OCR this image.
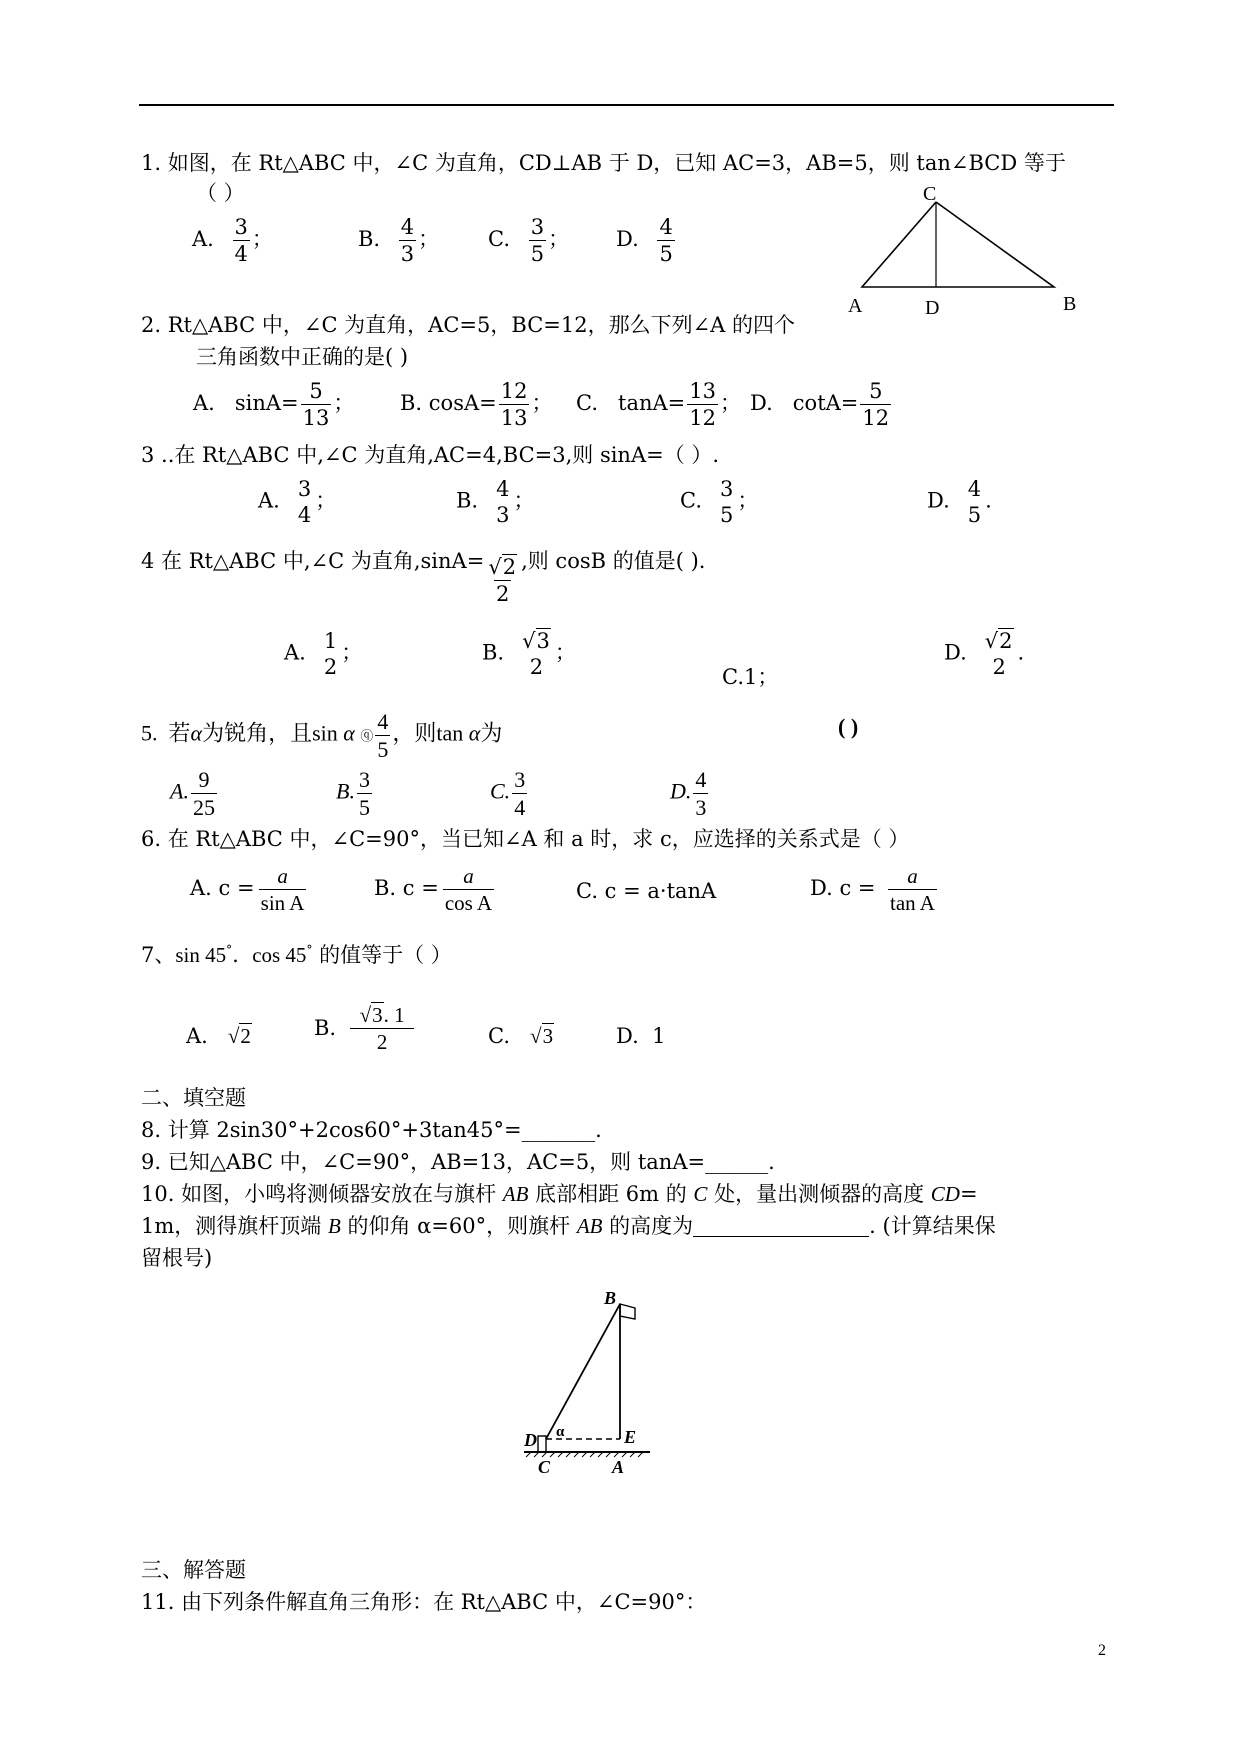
1. 如图，在 Rt△ABC 中，∠C 为直角，CD⊥AB 于 D，已知 AC=3，AB=5，则 tan∠BCD 等于
（ ）
A. $\frac{3}{4}$ ；	B. $\frac{4}{3}$ ； C. $\frac{3}{5}$ ； D. $\frac{4}{5}$
C
A	D	B
2. Rt△ABC 中，∠C 为直角，AC=5，BC=12，那么下列∠A 的四个
三角函数中正确的是( )
A. $\sin A= \frac{5}{13}$ ； B. $\cos A= \frac{12}{13}$ ； C. $\tan A= \frac{13}{12}$ ； D. $\cot A= \frac{5}{12}$
3 ..在 Rt△ABC 中,∠C 为直角,AC=4,BC=3,则 sinA=（ ）.
A. 3
4
；	B. 4
3
；	C. 3
5
；	D. 4
5
.
4 在 Rt△ABC 中,∠C 为直角$,\sin A= \frac{√2}{2}$ ,则 cosB 的值是( ).
A. 1
2
；	B. √3
2
；
C.1；
D. √2
2
.
5. 若α为锐角，且sin α ⓠ $\frac{4}{5}$ ，则tan α为	( )
A. $\frac{9}{25}$	B. $\frac{3}{5}$	C. $\frac{3}{4}$	D. $\frac{4}{3}$
6. 在 Rt△ABC 中，∠C=90°，当已知∠A 和 a 时，求 c，应选择的关系式是（ ）
A. $c = \frac{a}{\text{sin A}}$	B. $c = \frac{a}{\text{cos A}}$	C. c = a·tanA	D. $c = \frac{a}{\text{tan A}}$
7、sin 45°. cos 45° 的值等于（ ）
A. √2	B. $\frac{√3. 1}{2}$	C. √3	D. 1
二、填空题
8. 计算 2sin30°+2cos60°+3tan45°=_______.
9. 已知△ABC 中，∠C=90°，AB=13，AC=5，则 tanA=______.
10. 如图，小鸣将测倾器安放在与旗杆 AB 底部相距 6m 的 C 处，量出测倾器的高度 CD=
1m，测得旗杆顶端 B 的仰角 α=60°，则旗杆 AB 的高度为	. (计算结果保
留根号)
B
D α	E
C	A
三、解答题
11. 由下列条件解直角三角形：在 Rt△ABC 中，∠C=90°：
2
